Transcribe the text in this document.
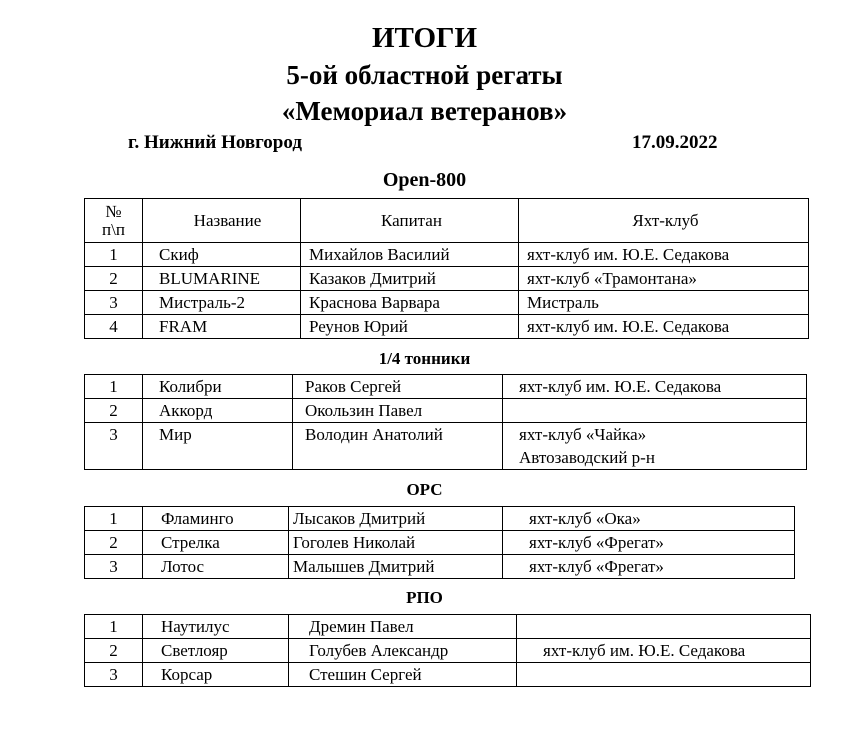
ИТОГИ
5-ой областной регаты
«Мемориал ветеранов»
г. Нижний Новгород	17.09.2022
Open-800
№
п\п	Название	Капитан	Яхт-клуб
1	Скиф	Михайлов Василий	яхт-клуб им. Ю.Е. Седакова
2	BLUMARINE	Казаков Дмитрий	яхт-клуб «Трамонтана»
3	Мистраль-2	Краснова Варвара	Мистраль
4	FRAM	Реунов Юрий	яхт-клуб им. Ю.Е. Седакова
1/4 тонники
1	Колибри	Раков Сергей	яхт-клуб им. Ю.Е. Седакова
2	Аккорд	Окользин Павел	
3	Мир	Володин Анатолий	яхт-клуб «Чайка»
Автозаводский р-н
ОРС
1	Фламинго	Лысаков Дмитрий	яхт-клуб «Ока»
2	Стрелка	Гоголев Николай	яхт-клуб «Фрегат»
3	Лотос	Малышев Дмитрий	яхт-клуб «Фрегат»
РПО
1	Наутилус	Дремин Павел	
2	Светлояр	Голубев Александр	яхт-клуб им. Ю.Е. Седакова
3	Корсар	Стешин Сергей	
